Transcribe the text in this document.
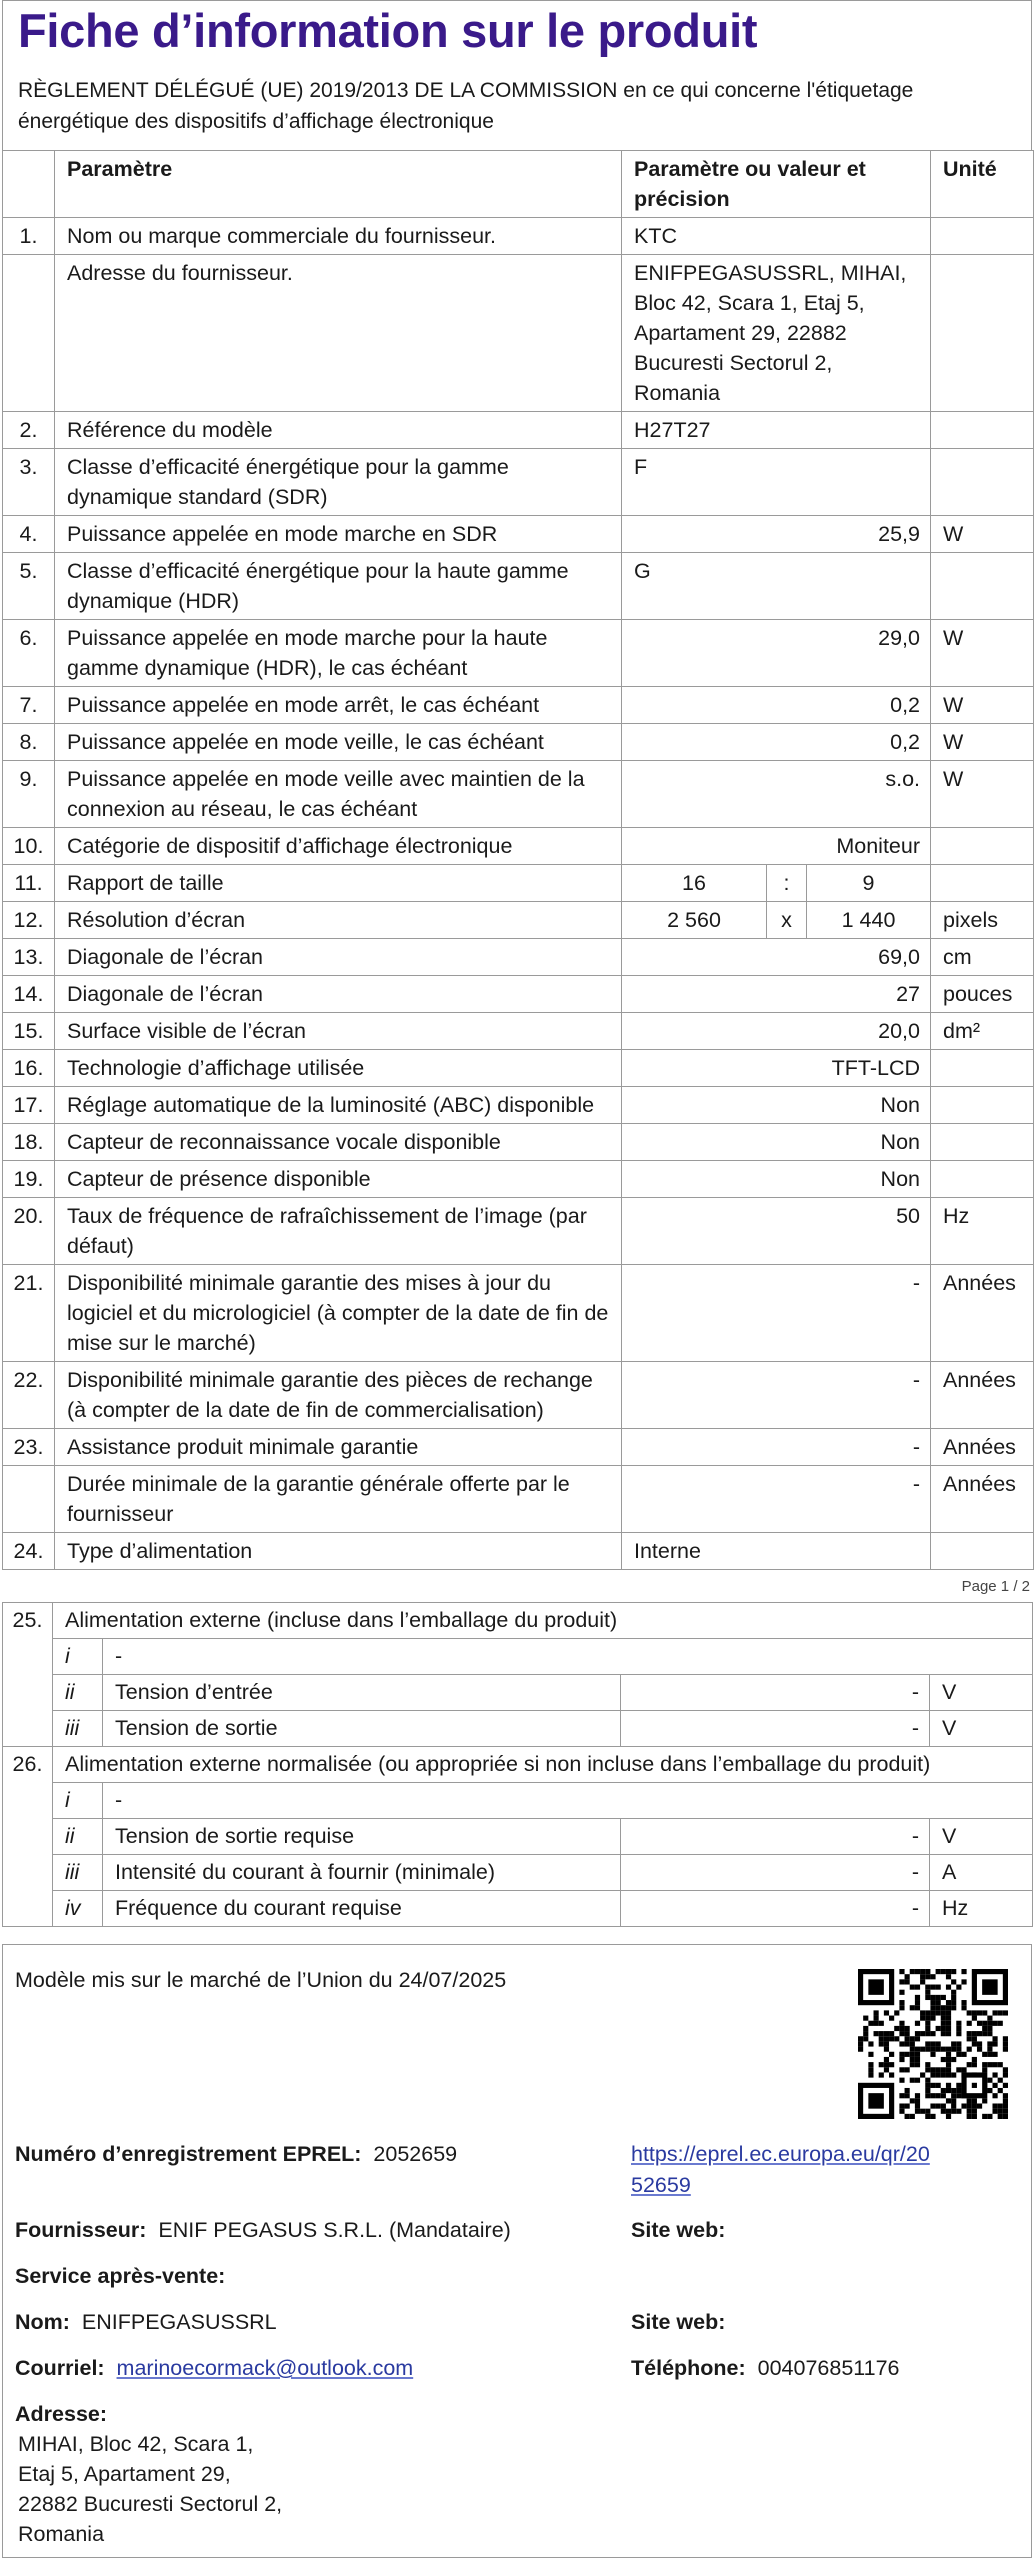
Fiche d’information sur le produit
RÈGLEMENT DÉLÉGUÉ (UE) 2019/2013 DE LA COMMISSION en ce qui concerne l'étiquetage énergétique des dispositifs d’affichage électronique
	Paramètre	Paramètre ou valeur et précision			Unité
1.	Nom ou marque commerciale du fournisseur.	KTC			
	Adresse du fournisseur.	ENIFPEGASUSSRL, MIHAI, Bloc 42, Scara 1, Etaj 5, Apartament 29, 22882 Bucuresti Sectorul 2, Romania			
2.	Référence du modèle	H27T27			
3.	Classe d’efficacité énergétique pour la gamme dynamique standard (SDR)	F			
4.	Puissance appelée en mode marche en SDR	25,9			W
5.	Classe d’efficacité énergétique pour la haute gamme dynamique (HDR)	G			
6.	Puissance appelée en mode marche pour la haute gamme dynamique (HDR), le cas échéant	29,0			W
7.	Puissance appelée en mode arrêt, le cas échéant	0,2			W
8.	Puissance appelée en mode veille, le cas échéant	0,2			W
9.	Puissance appelée en mode veille avec maintien de la connexion au réseau, le cas échéant	s.o.			W
10.	Catégorie de dispositif d’affichage électronique	Moniteur			
11.	Rapport de taille	16	:	9	
12.	Résolution d’écran	2 560	x	1 440	pixels
13.	Diagonale de l’écran	69,0			cm
14.	Diagonale de l’écran	27			pouces
15.	Surface visible de l’écran	20,0			dm²
16.	Technologie d’affichage utilisée	TFT-LCD			
17.	Réglage automatique de la luminosité (ABC) disponible	Non			
18.	Capteur de reconnaissance vocale disponible	Non			
19.	Capteur de présence disponible	Non			
20.	Taux de fréquence de rafraîchissement de l’image (par défaut)	50			Hz
21.	Disponibilité minimale garantie des mises à jour du logiciel et du micrologiciel (à compter de la date de fin de mise sur le marché)	-			Années
22.	Disponibilité minimale garantie des pièces de rechange (à compter de la date de fin de commercialisation)	-			Années
23.	Assistance produit minimale garantie	-			Années
	Durée minimale de la garantie générale offerte par le fournisseur	-			Années
24.	Type d’alimentation	Interne			
Page 1 / 2
25.	Alimentation externe (incluse dans l’emballage du produit)			
	i	-		
	ii	Tension d’entrée	-	V
	iii	Tension de sortie	-	V
26.	Alimentation externe normalisée (ou appropriée si non incluse dans l’emballage du produit)			
	i	-		
	ii	Tension de sortie requise	-	V
	iii	Intensité du courant à fournir (minimale)	-	A
	iv	Fréquence du courant requise	-	Hz
Modèle mis sur le marché de l’Union du 24/07/2025
Numéro d’enregistrement EPREL: 2052659	https://eprel.ec.europa.eu/qr/20
52659
Fournisseur: ENIF PEGASUS S.R.L. (Mandataire)	Site web:
Service après-vente:
Nom: ENIFPEGASUSSRL	Site web:
Courriel: marinoecormack@outlook.com	Téléphone: 004076851176
Adresse:
MIHAI, Bloc 42, Scara 1,
Etaj 5, Apartament 29,
22882 Bucuresti Sectorul 2,
Romania
